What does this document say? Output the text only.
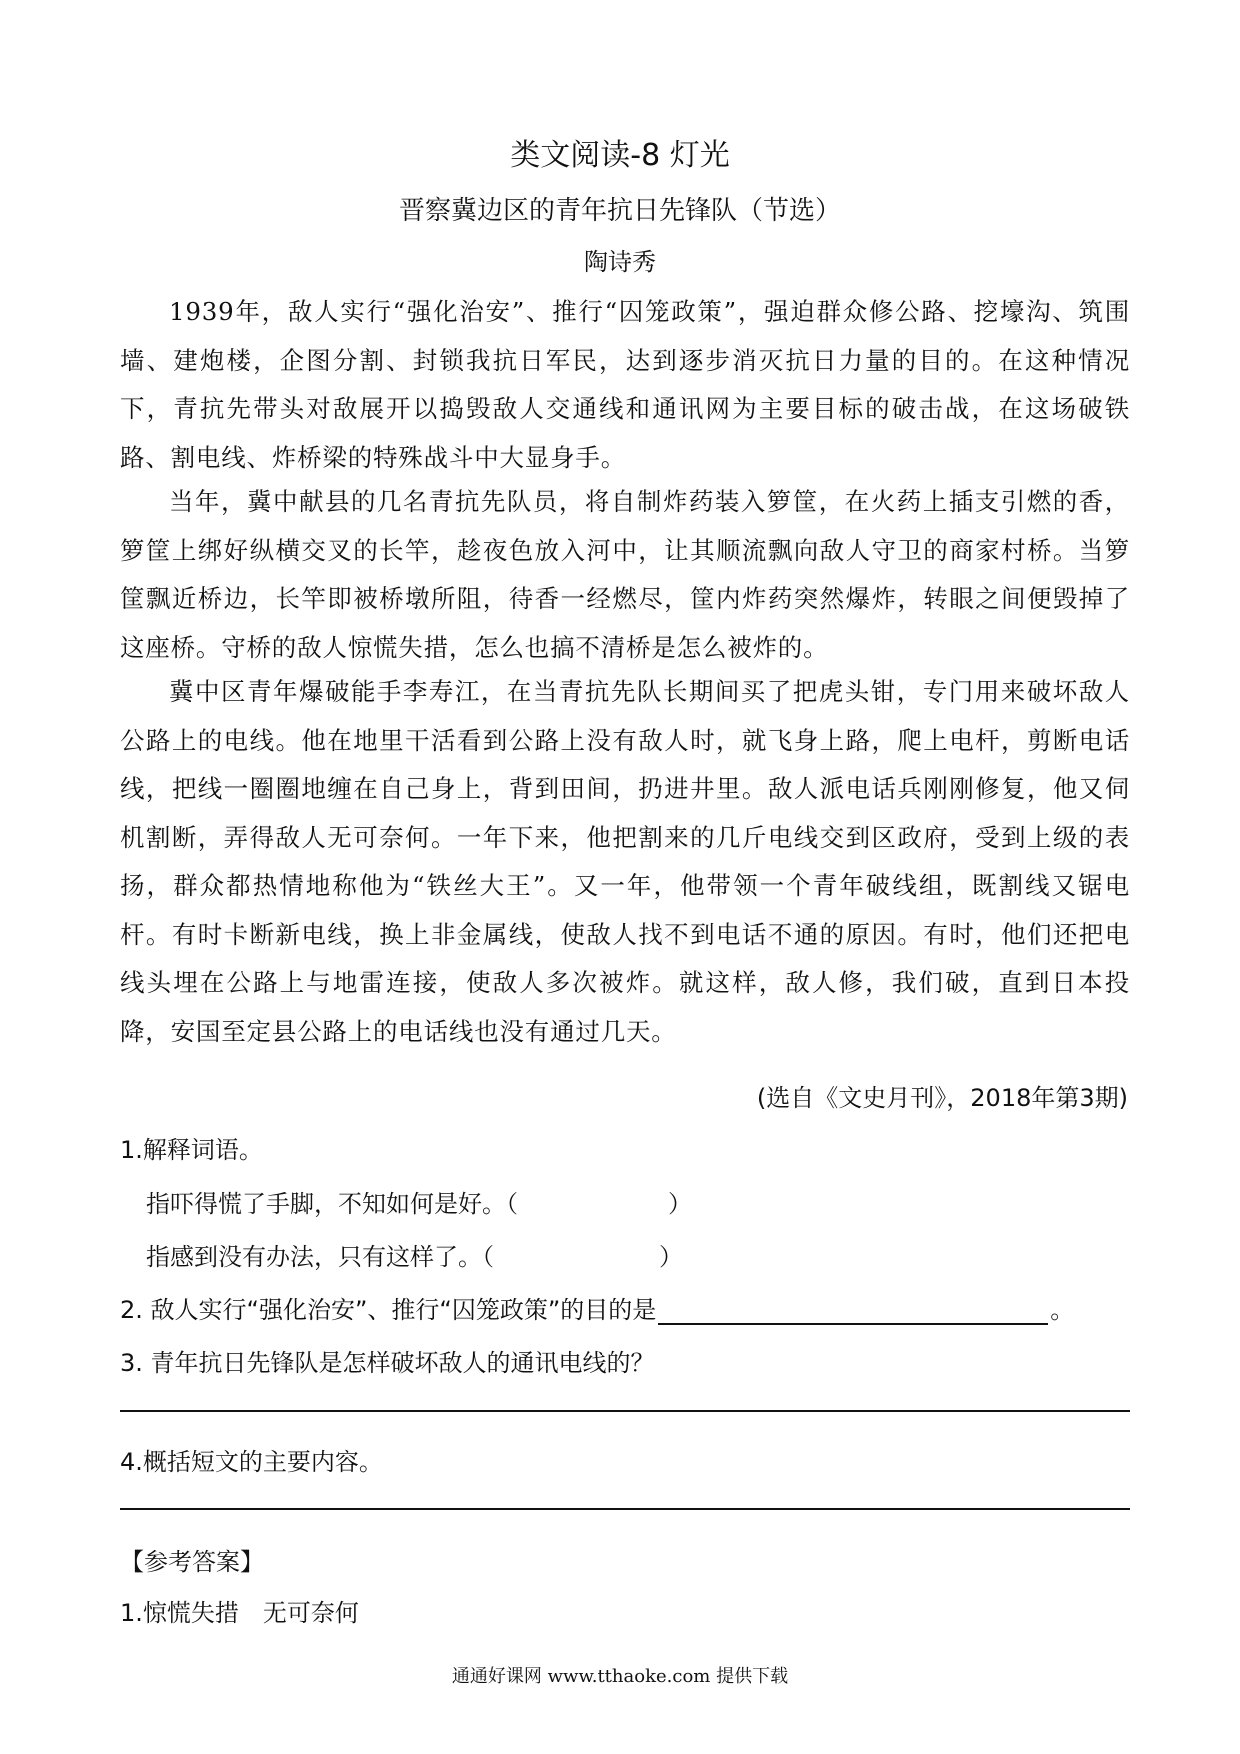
类文阅读-8 灯光
晋察冀边区的青年抗日先锋队（节选）
陶诗秀
1939年，敌人实行“强化治安”、推行“囚笼政策”，强迫群众修公路、挖壕沟、筑围墙、建炮楼，企图分割、封锁我抗日军民，达到逐步消灭抗日力量的目的。在这种情况下，青抗先带头对敌展开以捣毁敌人交通线和通讯网为主要目标的破击战，在这场破铁路、割电线、炸桥梁的特殊战斗中大显身手。
当年，冀中献县的几名青抗先队员，将自制炸药装入箩筐，在火药上插支引燃的香，箩筐上绑好纵横交叉的长竿，趁夜色放入河中，让其顺流飘向敌人守卫的商家村桥。当箩筐飘近桥边，长竿即被桥墩所阻，待香一经燃尽，筐内炸药突然爆炸，转眼之间便毁掉了这座桥。守桥的敌人惊慌失措，怎么也搞不清桥是怎么被炸的。
冀中区青年爆破能手李寿江，在当青抗先队长期间买了把虎头钳，专门用来破坏敌人公路上的电线。他在地里干活看到公路上没有敌人时，就飞身上路，爬上电杆，剪断电话线，把线一圈圈地缠在自己身上，背到田间，扔进井里。敌人派电话兵刚刚修复，他又伺机割断，弄得敌人无可奈何。一年下来，他把割来的几斤电线交到区政府，受到上级的表扬，群众都热情地称他为“铁丝大王”。又一年，他带领一个青年破线组，既割线又锯电杆。有时卡断新电线，换上非金属线，使敌人找不到电话不通的原因。有时，他们还把电线头埋在公路上与地雷连接，使敌人多次被炸。就这样，敌人修，我们破，直到日本投降，安国至定县公路上的电话线也没有通过几天。
(选自《文史月刊》，2018年第3期)
1.解释词语。
指吓得慌了手脚，不知如何是好。（	）
指感到没有办法，只有这样了。（	）
2. 敌人实行“强化治安”、推行“囚笼政策”的目的是	。
3. 青年抗日先锋队是怎样破坏敌人的通讯电线的？
4.概括短文的主要内容。
【参考答案】
1.惊慌失措　无可奈何
通通好课网 www.tthaoke.com 提供下载
